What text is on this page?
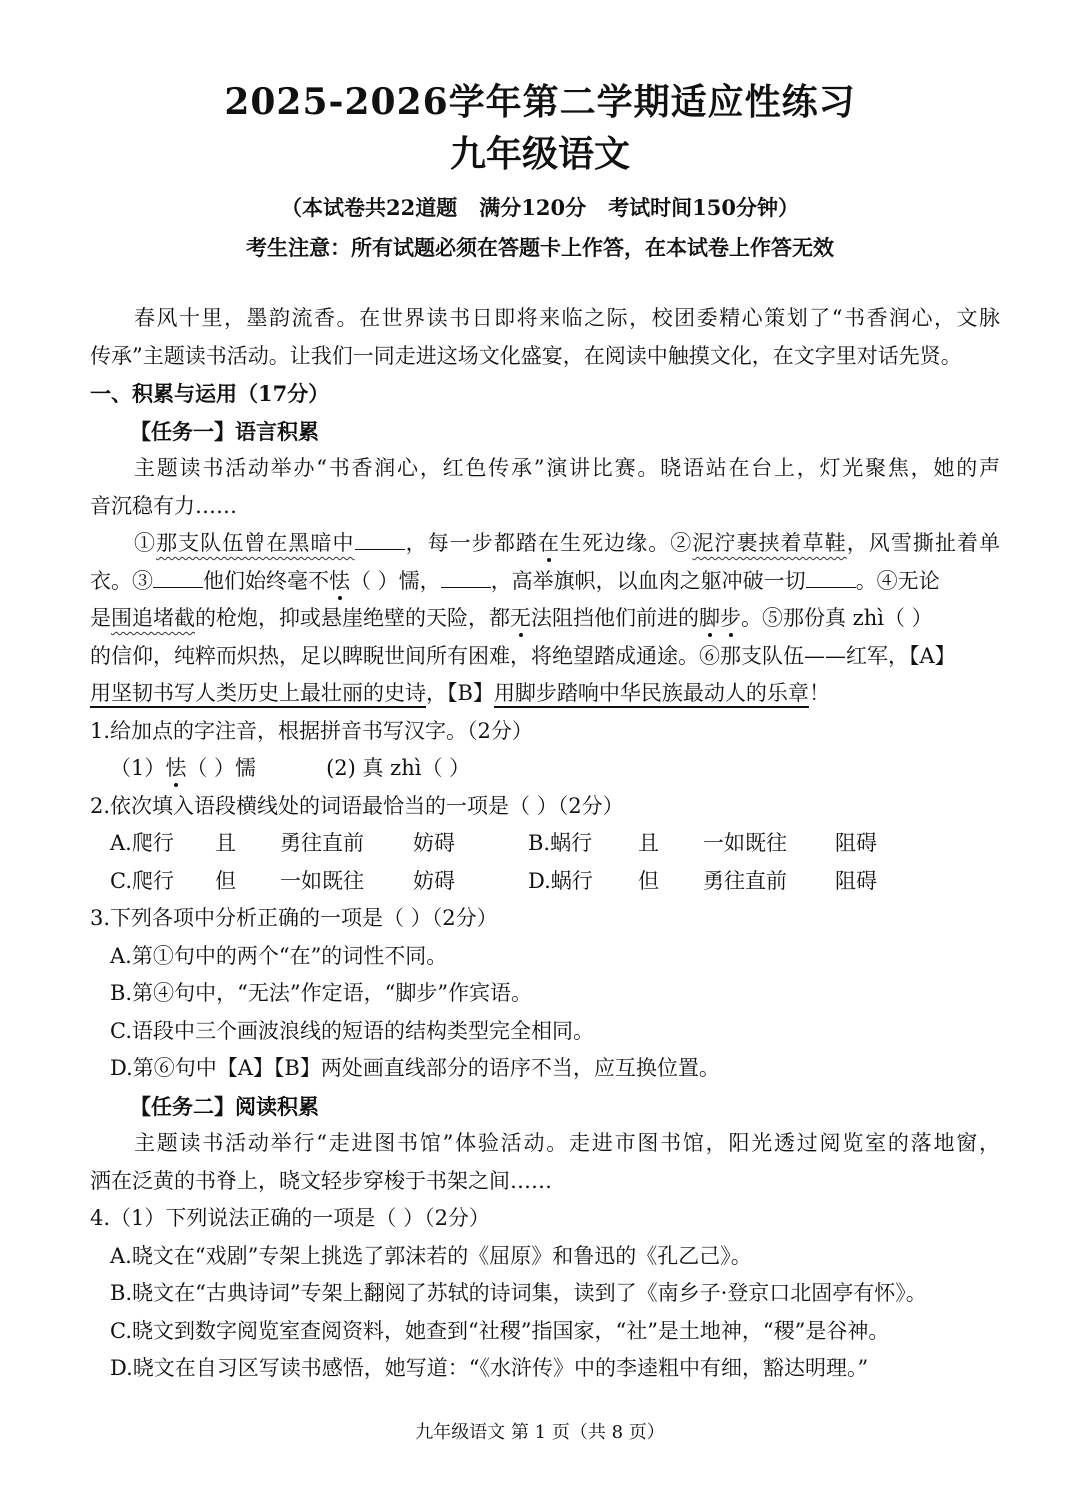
2025-2026学年第二学期适应性练习
九年级语文
（本试卷共22道题 满分120分 考试时间150分钟）
考生注意：所有试题必须在答题卡上作答，在本试卷上作答无效
春风十里，墨韵流香。在世界读书日即将来临之际，校团委精心策划了“书香润心，文脉
传承”主题读书活动。让我们一同走进这场文化盛宴，在阅读中触摸文化，在文字里对话先贤。
一、积累与运用（17分）
【任务一】语言积累
主题读书活动举办“书香润心，红色传承”演讲比赛。晓语站在台上，灯光聚焦，她的声
音沉稳有力……
①那支队伍曾在黑暗中 ，每一步都踏在生死边缘。②泥泞裹挟着草鞋，风雪撕扯着单
衣。③ 他们始终毫不怯（ ）懦， ，高举旗帜，以血肉之躯冲破一切 。④无论
是围追堵截的枪炮，抑或悬崖绝壁的天险，都无法阻挡他们前进的脚步。⑤那份真 zhì（ ）
的信仰，纯粹而炽热，足以睥睨世间所有困难，将绝望踏成通途。⑥那支队伍——红军，【A】
用坚韧书写人类历史上最壮丽的史诗，【B】用脚步踏响中华民族最动人的乐章！
1.给加点的字注音，根据拼音书写汉字。（2分）
（1）怯（ ）懦	(2) 真 zhì（ ）
2.依次填入语段横线处的词语最恰当的一项是（ ）（2分）
A.爬行 且 勇往直前 妨碍	B.蜗行 且 一如既往 阻碍
C.爬行 但 一如既往 妨碍	D.蜗行 但 勇往直前 阻碍
3.下列各项中分析正确的一项是（ ）（2分）
A.第①句中的两个“在”的词性不同。
B.第④句中，“无法”作定语，“脚步”作宾语。
C.语段中三个画波浪线的短语的结构类型完全相同。
D.第⑥句中【A】【B】两处画直线部分的语序不当，应互换位置。
【任务二】阅读积累
主题读书活动举行“走进图书馆”体验活动。走进市图书馆，阳光透过阅览室的落地窗，
洒在泛黄的书脊上，晓文轻步穿梭于书架之间……
4.（1）下列说法正确的一项是（ ）（2分）
A.晓文在“戏剧”专架上挑选了郭沫若的《屈原》和鲁迅的《孔乙己》。
B.晓文在“古典诗词”专架上翻阅了苏轼的诗词集，读到了《南乡子·登京口北固亭有怀》。
C.晓文到数字阅览室查阅资料，她查到“社稷”指国家，“社”是土地神，“稷”是谷神。
D.晓文在自习区写读书感悟，她写道：“《水浒传》中的李逵粗中有细，豁达明理。”
九年级语文 第 1 页（共 8 页）
